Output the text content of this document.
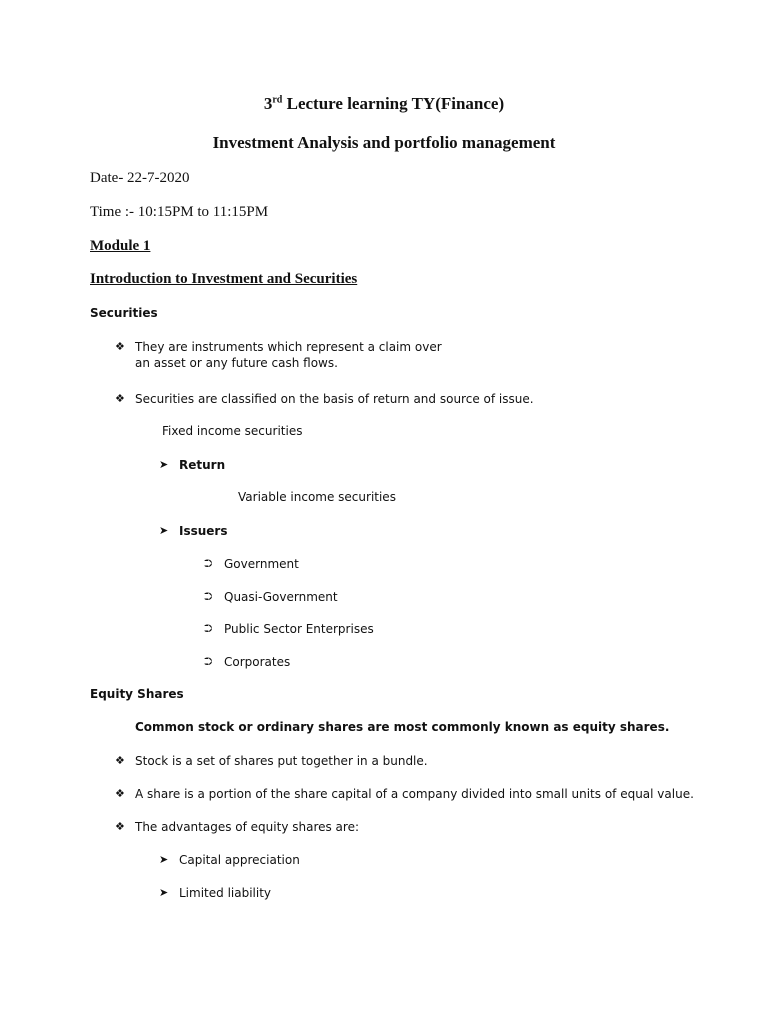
3rd Lecture learning TY(Finance)
Investment Analysis and portfolio management
Date- 22-7-2020
Time :- 10:15PM to 11:15PM
Module 1
Introduction to Investment and Securities
Securities
❖ They are instruments which represent a claim over
an asset or any future cash flows.
❖ Securities are classified on the basis of return and source of issue.
Fixed income securities
➤ Return
Variable income securities
➤ Issuers
⮊ Government
⮊ Quasi-Government
⮊ Public Sector Enterprises
⮊ Corporates
Equity Shares
Common stock or ordinary shares are most commonly known as equity shares.
❖ Stock is a set of shares put together in a bundle.
❖ A share is a portion of the share capital of a company divided into small units of equal value.
❖ The advantages of equity shares are:
➤ Capital appreciation
➤ Limited liability
